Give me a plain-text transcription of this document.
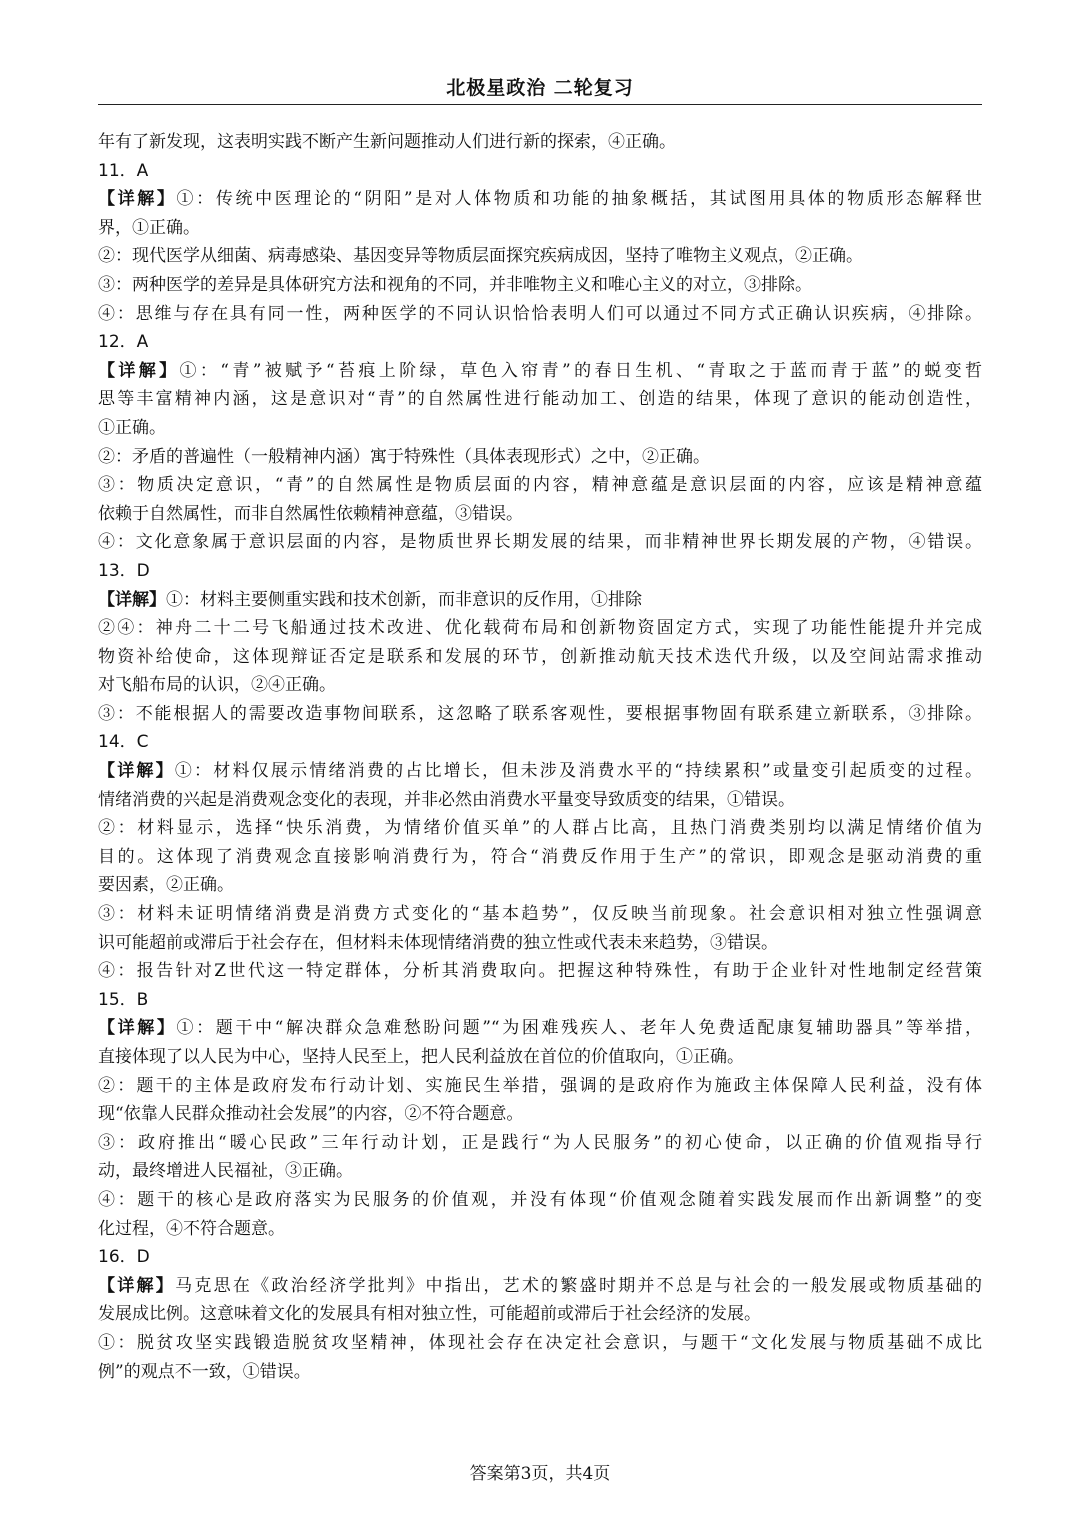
北极星政治 二轮复习
年有了新发现，这表明实践不断产生新问题推动人们进行新的探索，④正确。
11．A
【详解】①：传统中医理论的“阴阳”是对人体物质和功能的抽象概括，其试图用具体的物质形态解释世
界，①正确。
②：现代医学从细菌、病毒感染、基因变异等物质层面探究疾病成因，坚持了唯物主义观点，②正确。
③：两种医学的差异是具体研究方法和视角的不同，并非唯物主义和唯心主义的对立，③排除。
④：思维与存在具有同一性，两种医学的不同认识恰恰表明人们可以通过不同方式正确认识疾病，④排除。
12．A
【详解】①：“青”被赋予“苔痕上阶绿，草色入帘青”的春日生机、“青取之于蓝而青于蓝”的蜕变哲
思等丰富精神内涵，这是意识对“青”的自然属性进行能动加工、创造的结果，体现了意识的能动创造性，
①正确。
②：矛盾的普遍性（一般精神内涵）寓于特殊性（具体表现形式）之中，②正确。
③：物质决定意识，“青”的自然属性是物质层面的内容，精神意蕴是意识层面的内容，应该是精神意蕴
依赖于自然属性，而非自然属性依赖精神意蕴，③错误。
④：文化意象属于意识层面的内容，是物质世界长期发展的结果，而非精神世界长期发展的产物，④错误。
13．D
【详解】①：材料主要侧重实践和技术创新，而非意识的反作用，①排除
②④：神舟二十二号飞船通过技术改进、优化载荷布局和创新物资固定方式，实现了功能性能提升并完成
物资补给使命，这体现辩证否定是联系和发展的环节，创新推动航天技术迭代升级，以及空间站需求推动
对飞船布局的认识，②④正确。
③：不能根据人的需要改造事物间联系，这忽略了联系客观性，要根据事物固有联系建立新联系，③排除。
14．C
【详解】①：材料仅展示情绪消费的占比增长，但未涉及消费水平的“持续累积”或量变引起质变的过程。
情绪消费的兴起是消费观念变化的表现，并非必然由消费水平量变导致质变的结果，①错误。
②：材料显示，选择“快乐消费，为情绪价值买单”的人群占比高，且热门消费类别均以满足情绪价值为
目的。这体现了消费观念直接影响消费行为，符合“消费反作用于生产”的常识，即观念是驱动消费的重
要因素，②正确。
③：材料未证明情绪消费是消费方式变化的“基本趋势”，仅反映当前现象。社会意识相对独立性强调意
识可能超前或滞后于社会存在，但材料未体现情绪消费的独立性或代表未来趋势，③错误。
④：报告针对Z世代这一特定群体，分析其消费取向。把握这种特殊性，有助于企业针对性地制定经营策
15．B
【详解】①：题干中“解决群众急难愁盼问题”“为困难残疾人、老年人免费适配康复辅助器具”等举措，
直接体现了以人民为中心，坚持人民至上，把人民利益放在首位的价值取向，①正确。
②：题干的主体是政府发布行动计划、实施民生举措，强调的是政府作为施政主体保障人民利益，没有体
现“依靠人民群众推动社会发展”的内容，②不符合题意。
③：政府推出“暖心民政”三年行动计划，正是践行“为人民服务”的初心使命，以正确的价值观指导行
动，最终增进人民福祉，③正确。
④：题干的核心是政府落实为民服务的价值观，并没有体现“价值观念随着实践发展而作出新调整”的变
化过程，④不符合题意。
16．D
【详解】马克思在《政治经济学批判》中指出，艺术的繁盛时期并不总是与社会的一般发展或物质基础的
发展成比例。这意味着文化的发展具有相对独立性，可能超前或滞后于社会经济的发展。
①：脱贫攻坚实践锻造脱贫攻坚精神，体现社会存在决定社会意识，与题干“文化发展与物质基础不成比
例”的观点不一致，①错误。
答案第3页，共4页
